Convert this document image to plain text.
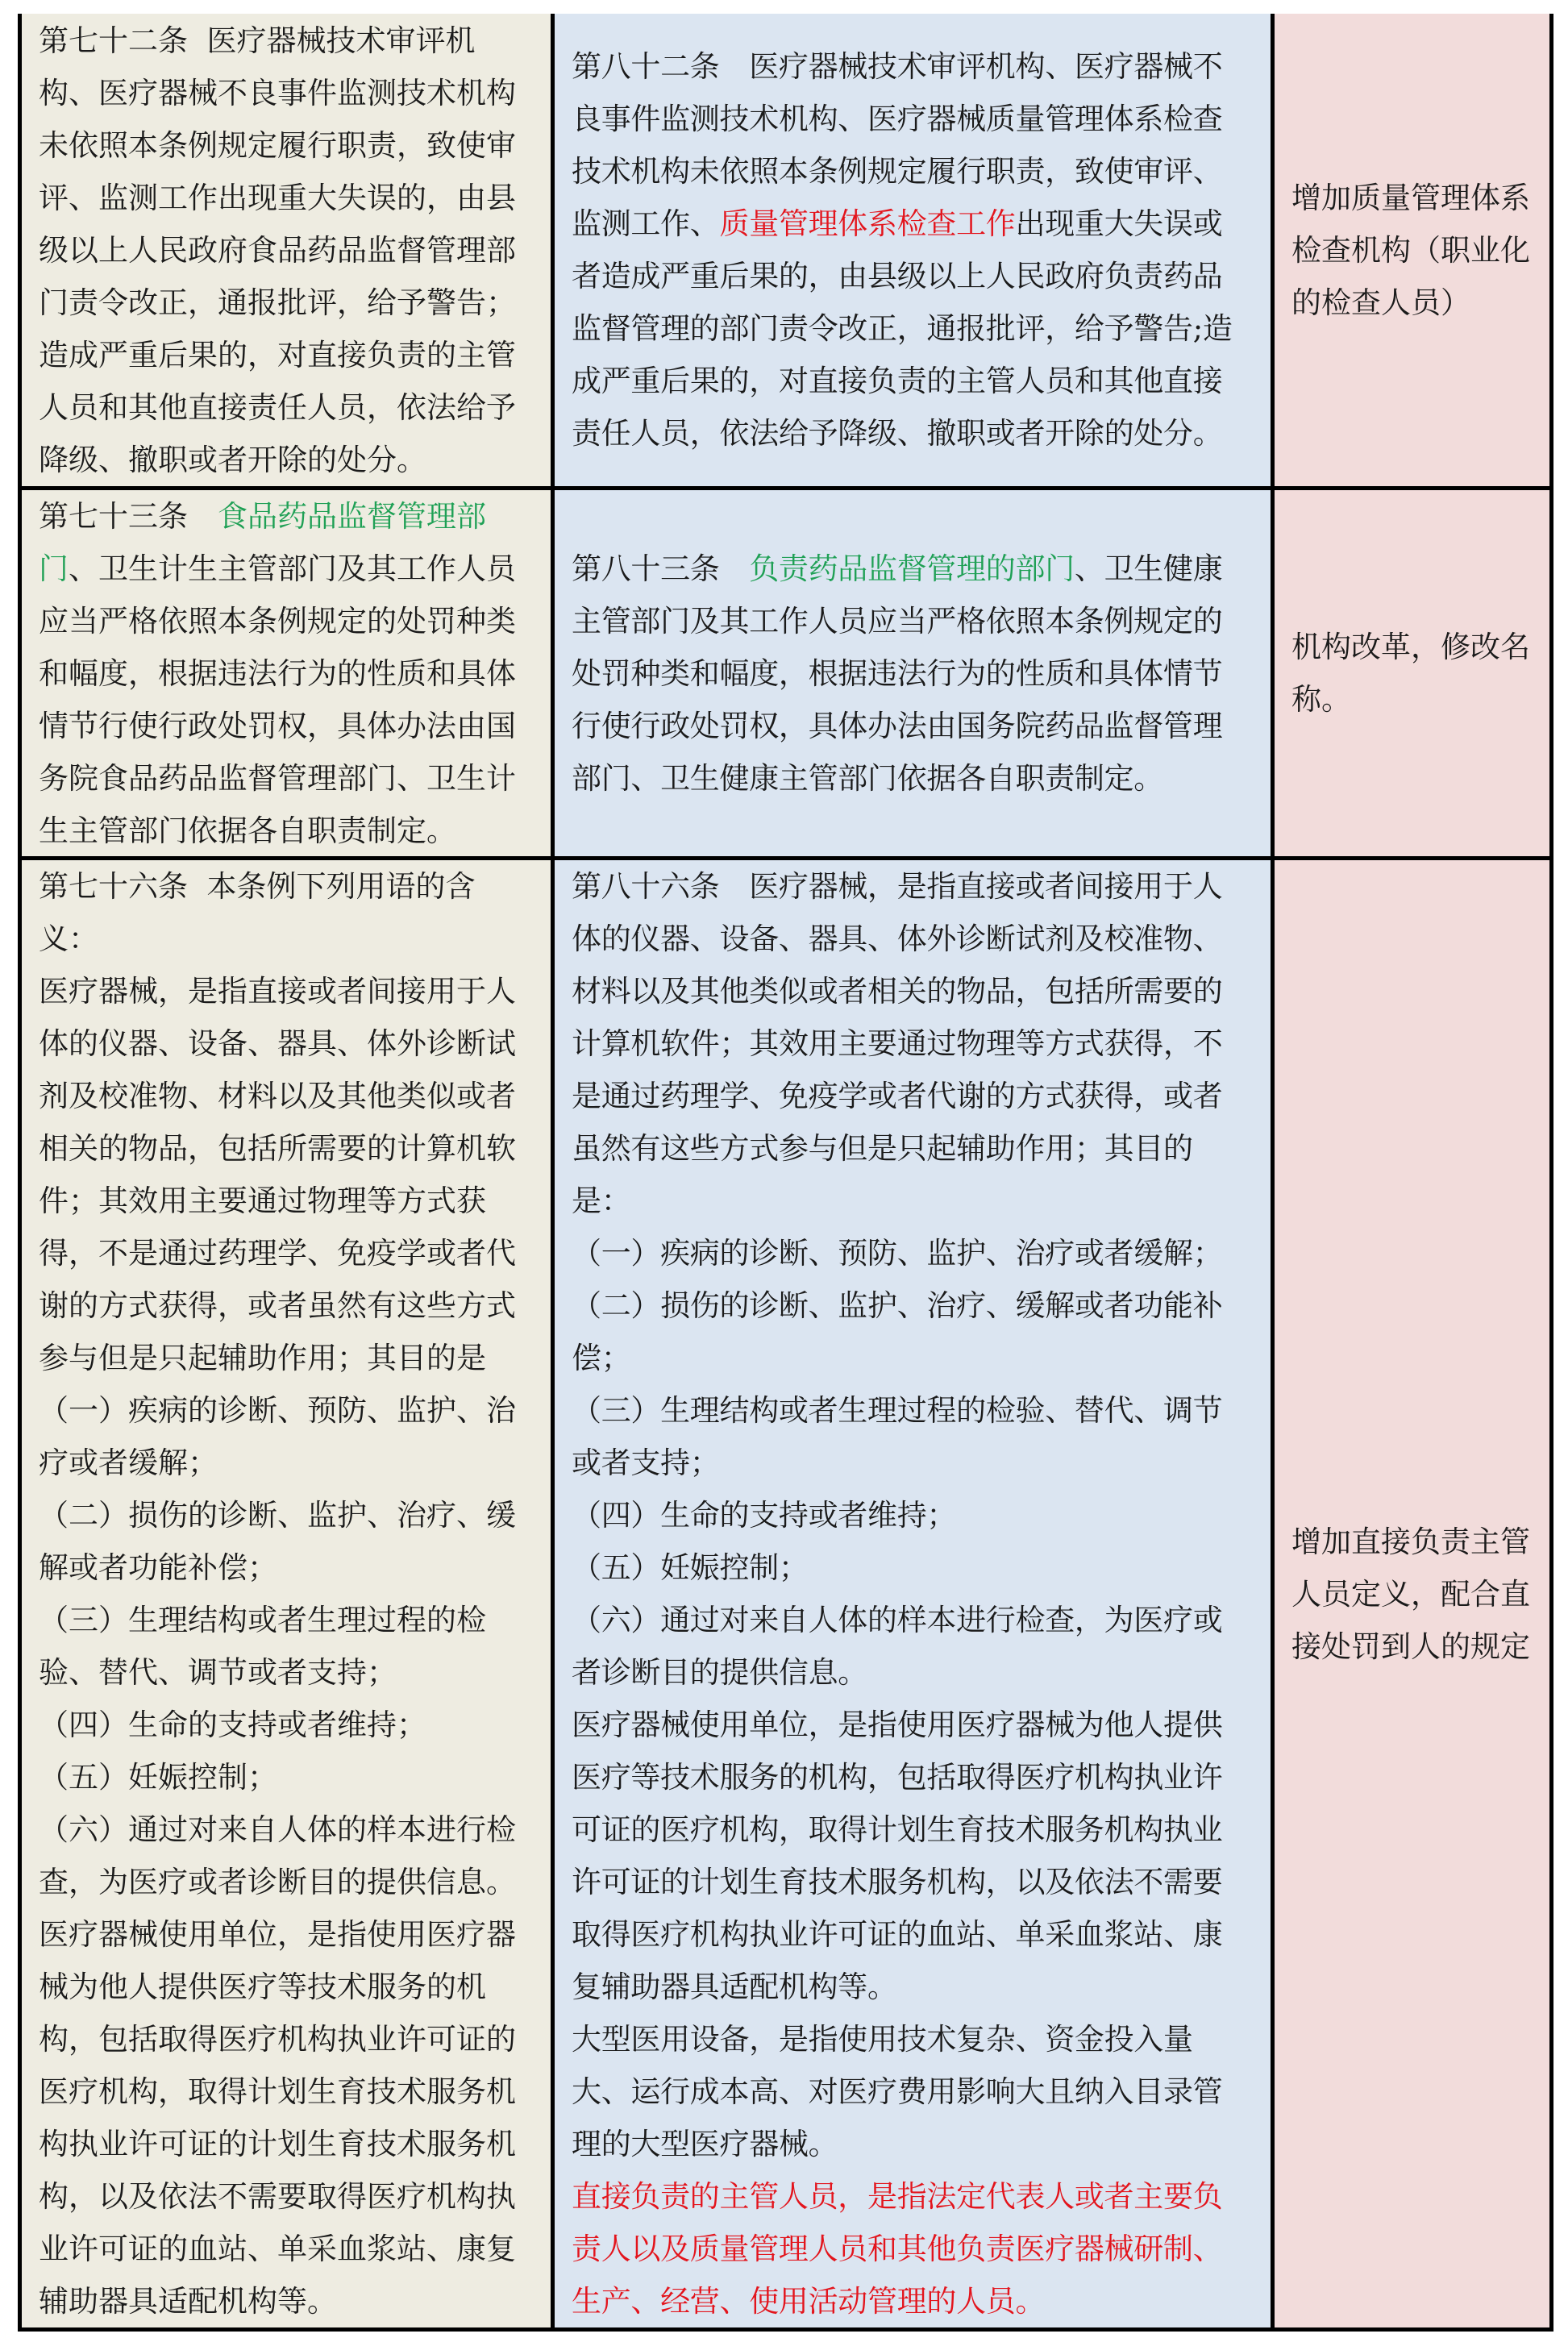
第七十二条  医疗器械技术审评机
构、医疗器械不良事件监测技术机构
未依照本条例规定履行职责，致使审
评、监测工作出现重大失误的，由县
级以上人民政府食品药品监督管理部
门责令改正，通报批评，给予警告；
造成严重后果的，对直接负责的主管
人员和其他直接责任人员，依法给予
降级、撤职或者开除的处分。
第八十二条　医疗器械技术审评机构、医疗器械不
良事件监测技术机构、医疗器械质量管理体系检查
技术机构未依照本条例规定履行职责，致使审评、
监测工作、质量管理体系检查工作出现重大失误或
者造成严重后果的，由县级以上人民政府负责药品
监督管理的部门责令改正，通报批评，给予警告;造
成严重后果的，对直接负责的主管人员和其他直接
责任人员，依法给予降级、撤职或者开除的处分。
增加质量管理体系
检查机构（职业化
的检查人员）
第七十三条　食品药品监督管理部
门、卫生计生主管部门及其工作人员
应当严格依照本条例规定的处罚种类
和幅度，根据违法行为的性质和具体
情节行使行政处罚权，具体办法由国
务院食品药品监督管理部门、卫生计
生主管部门依据各自职责制定。
第八十三条　负责药品监督管理的部门、卫生健康
主管部门及其工作人员应当严格依照本条例规定的
处罚种类和幅度，根据违法行为的性质和具体情节
行使行政处罚权，具体办法由国务院药品监督管理
部门、卫生健康主管部门依据各自职责制定。
机构改革，修改名
称。
第七十六条  本条例下列用语的含
义：
医疗器械，是指直接或者间接用于人
体的仪器、设备、器具、体外诊断试
剂及校准物、材料以及其他类似或者
相关的物品，包括所需要的计算机软
件；其效用主要通过物理等方式获
得，不是通过药理学、免疫学或者代
谢的方式获得，或者虽然有这些方式
参与但是只起辅助作用；其目的是
（一）疾病的诊断、预防、监护、治
疗或者缓解；
（二）损伤的诊断、监护、治疗、缓
解或者功能补偿；
（三）生理结构或者生理过程的检
验、替代、调节或者支持；
（四）生命的支持或者维持；
（五）妊娠控制；
（六）通过对来自人体的样本进行检
查，为医疗或者诊断目的提供信息。
医疗器械使用单位，是指使用医疗器
械为他人提供医疗等技术服务的机
构，包括取得医疗机构执业许可证的
医疗机构，取得计划生育技术服务机
构执业许可证的计划生育技术服务机
构，以及依法不需要取得医疗机构执
业许可证的血站、单采血浆站、康复
辅助器具适配机构等。
第八十六条　医疗器械，是指直接或者间接用于人
体的仪器、设备、器具、体外诊断试剂及校准物、
材料以及其他类似或者相关的物品，包括所需要的
计算机软件；其效用主要通过物理等方式获得，不
是通过药理学、免疫学或者代谢的方式获得，或者
虽然有这些方式参与但是只起辅助作用；其目的
是：
（一）疾病的诊断、预防、监护、治疗或者缓解；
（二）损伤的诊断、监护、治疗、缓解或者功能补
偿；
（三）生理结构或者生理过程的检验、替代、调节
或者支持；
（四）生命的支持或者维持；
（五）妊娠控制；
（六）通过对来自人体的样本进行检查，为医疗或
者诊断目的提供信息。
医疗器械使用单位，是指使用医疗器械为他人提供
医疗等技术服务的机构，包括取得医疗机构执业许
可证的医疗机构，取得计划生育技术服务机构执业
许可证的计划生育技术服务机构，以及依法不需要
取得医疗机构执业许可证的血站、单采血浆站、康
复辅助器具适配机构等。
大型医用设备，是指使用技术复杂、资金投入量
大、运行成本高、对医疗费用影响大且纳入目录管
理的大型医疗器械。
直接负责的主管人员，是指法定代表人或者主要负
责人以及质量管理人员和其他负责医疗器械研制、
生产、经营、使用活动管理的人员。
增加直接负责主管
人员定义，配合直
接处罚到人的规定
